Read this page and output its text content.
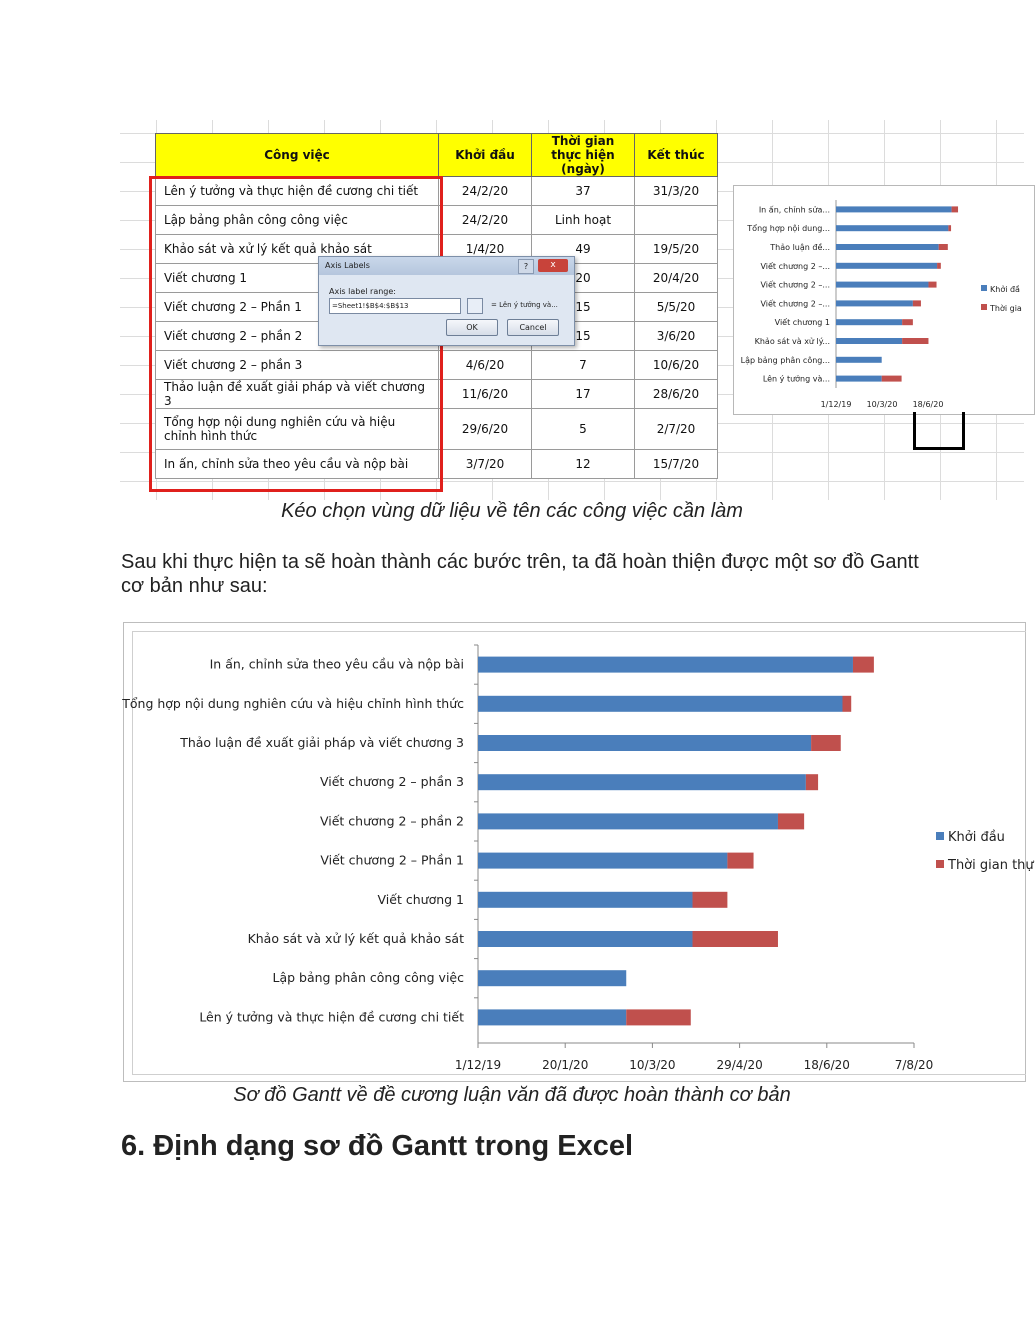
Công việc	Khởi đầu	Thời gian thực hiện (ngày)	Kết thúc
Lên ý tưởng và thực hiện đề cương chi tiết	24/2/20	37	31/3/20
Lập bảng phân công công việc	24/2/20	Linh hoạt	
Khảo sát và xử lý kết quả khảo sát	1/4/20	49	19/5/20
Viết chương 1		20	20/4/20
Viết chương 2 – Phần 1		15	5/5/20
Viết chương 2 – phần 2		15	3/6/20
Viết chương 2 – phần 3	4/6/20	7	10/6/20
Thảo luận đề xuất giải pháp và viết chương 3	11/6/20	17	28/6/20
Tổng hợp nội dung nghiên cứu và hiệu chỉnh hình thức	29/6/20	5	2/7/20
In ấn, chỉnh sửa theo yêu cầu và nộp bài	3/7/20	12	15/7/20
Axis Labels	?	x
Axis label range:
=Sheet1!$B$4:$B$13	= Lên ý tưởng và...
OK	Cancel
In ấn, chỉnh sửa...
Tổng hợp nội dung...
Thảo luận đề...
Viết chương 2 –...
Viết chương 2 –...
Viết chương 2 –...
Viết chương 1
Khảo sát và xử lý...
Lập bảng phân công...
Lên ý tưởng và...
1/12/19 10/3/20 18/6/20
Khởi đầ
Thời gia
Kéo chọn vùng dữ liệu về tên các công việc cần làm
Sau khi thực hiện ta sẽ hoàn thành các bước trên, ta đã hoàn thiện được một sơ đồ Gantt cơ bản như sau:
In ấn, chỉnh sửa theo yêu cầu và nộp bài
Tổng hợp nội dung nghiên cứu và hiệu chỉnh hình thức
Thảo luận đề xuất giải pháp và viết chương 3
Viết chương 2 – phần 3
Viết chương 2 – phần 2
Viết chương 2 – Phần 1
Viết chương 1
Khảo sát và xử lý kết quả khảo sát
Lập bảng phân công công việc
Lên ý tưởng và thực hiện đề cương chi tiết
1/12/19	20/1/20	10/3/20	29/4/20	18/6/20	7/8/20
Khởi đầu
Thời gian thự
Sơ đồ Gantt về đề cương luận văn đã được hoàn thành cơ bản
6. Định dạng sơ đồ Gantt trong Excel
